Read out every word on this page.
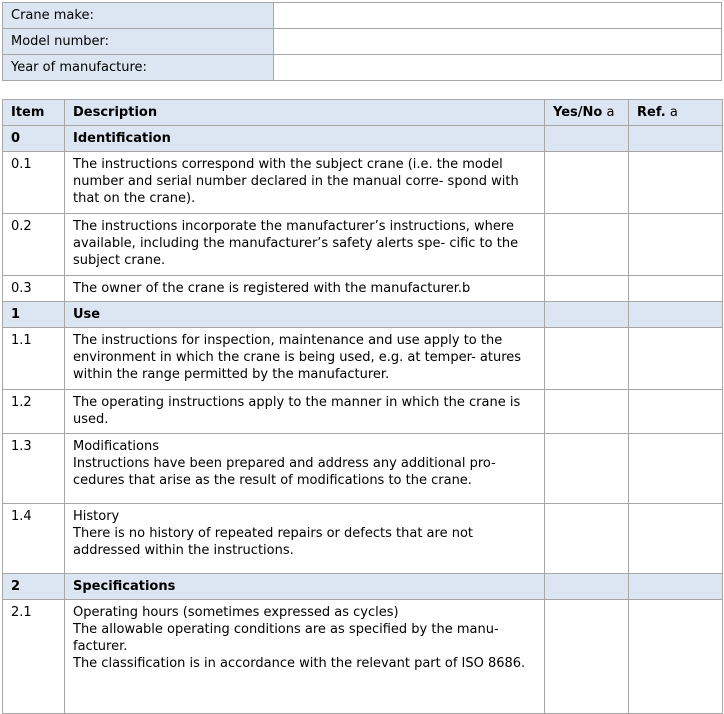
Crane make:	
Model number:	
Year of manufacture:	
Item	Description	Yes/No a	Ref. a
0	Identification		

0.1	The instructions correspond with the subject crane (i.e. the model number and serial number declared in the manual corre- spond with that on the crane).		

0.2	The instructions incorporate the manufacturer’s instructions, where available, including the manufacturer’s safety alerts spe- cific to the subject crane.		

0.3	The owner of the crane is registered with the manufacturer.b		

1	Use		

1.1	The instructions for inspection, maintenance and use apply to the environment in which the crane is being used, e.g. at temper- atures within the range permitted by the manufacturer.		

1.2	The operating instructions apply to the manner in which the crane is used.		

1.3	Modifications
Instructions have been prepared and address any additional pro- cedures that arise as the result of modifications to the crane.		

1.4	History
There is no history of repeated repairs or defects that are not addressed within the instructions.		

2	Specifications		

2.1	Operating hours (sometimes expressed as cycles)
The allowable operating conditions are as specified by the manu- facturer.
The classification is in accordance with the relevant part of ISO 8686.		
